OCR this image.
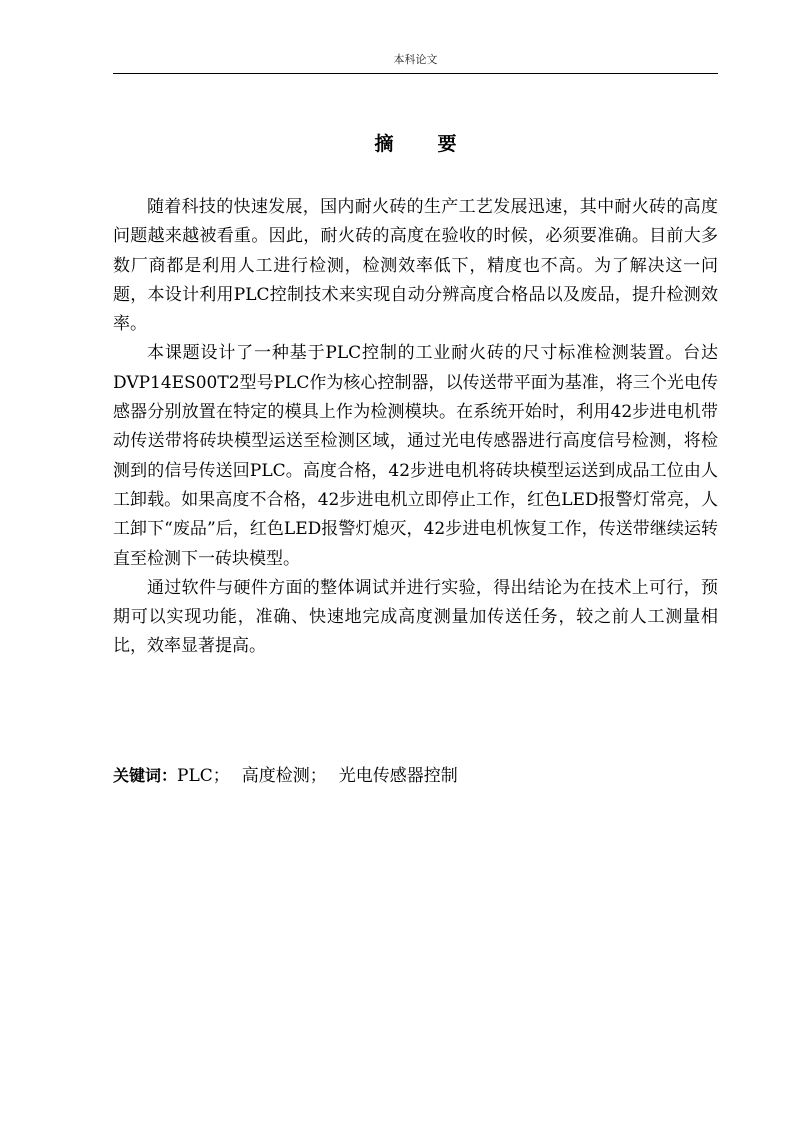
本科论文
摘要

随着科技的快速发展，国内耐火砖的生产工艺发展迅速，其中耐火砖的高度问题越来越被看重。因此，耐火砖的高度在验收的时候，必须要准确。目前大多数厂商都是利用人工进行检测，检测效率低下，精度也不高。为了解决这一问题，本设计利用PLC控制技术来实现自动分辨高度合格品以及废品，提升检测效率。

本课题设计了一种基于PLC控制的工业耐火砖的尺寸标准检测装置。台达DVP14ES00T2型号PLC作为核心控制器，以传送带平面为基准，将三个光电传感器分别放置在特定的模具上作为检测模块。在系统开始时，利用42步进电机带动传送带将砖块模型运送至检测区域，通过光电传感器进行高度信号检测，将检测到的信号传送回PLC。高度合格，42步进电机将砖块模型运送到成品工位由人工卸载。如果高度不合格，42步进电机立即停止工作，红色LED报警灯常亮，人工卸下“废品”后，红色LED报警灯熄灭，42步进电机恢复工作，传送带继续运转直至检测下一砖块模型。

通过软件与硬件方面的整体调试并进行实验，得出结论为在技术上可行，预期可以实现功能，准确、快速地完成高度测量加传送任务，较之前人工测量相比，效率显著提高。

关键词：PLC； 高度检测； 光电传感器控制
